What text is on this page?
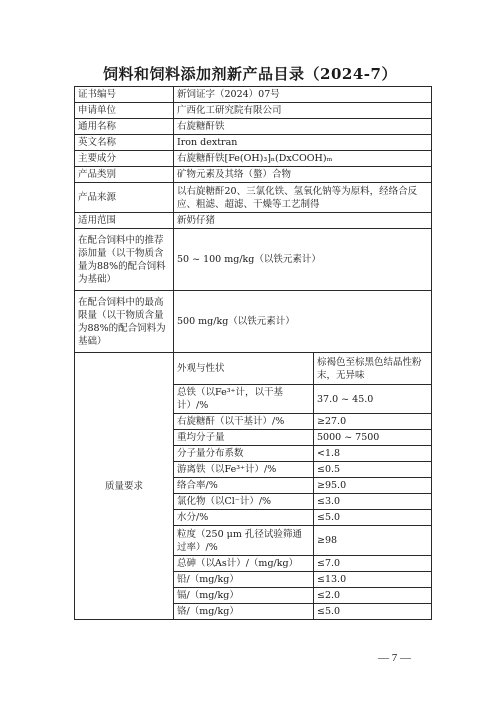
饲料和饲料添加剂新产品目录（2024-7）
证书编号	新饲证字（2024）07号	
申请单位	广西化工研究院有限公司	
通用名称	右旋糖酐铁	
英文名称	Iron dextran	
主要成分	右旋糖酐铁[Fe(OH)₃]ₙ(DxCOOH)ₘ	
产品类别	矿物元素及其络（螯）合物	
产品来源	以右旋糖酐20、三氯化铁、氢氧化钠等为原料，经络合反应、粗滤、超滤、干燥等工艺制得	
适用范围	新奶仔猪	
在配合饲料中的推荐添加量（以干物质含量为88%的配合饲料为基础）	50 ~ 100 mg/kg（以铁元素计）	
在配合饲料中的最高限量（以干物质含量为88%的配合饲料为基础）	500 mg/kg（以铁元素计）	
质量要求	外观与性状	棕褐色至棕黑色结晶性粉末，无异味
	总铁（以Fe³⁺计，以干基计）/%	37.0 ~ 45.0
	右旋糖酐（以干基计）/%	≥27.0
	重均分子量	5000 ~ 7500
	分子量分布系数	<1.8
	游离铁（以Fe³⁺计）/%	≤0.5
	络合率/%	≥95.0
	氯化物（以Cl⁻计）/%	≤3.0
	水分/%	≤5.0
	粒度（250 μm 孔径试验筛通过率）/%	≥98
	总砷（以As计）/（mg/kg）	≤7.0
	铅/（mg/kg）	≤13.0
	镉/（mg/kg）	≤2.0
	铬/（mg/kg）	≤5.0
— 7 —
